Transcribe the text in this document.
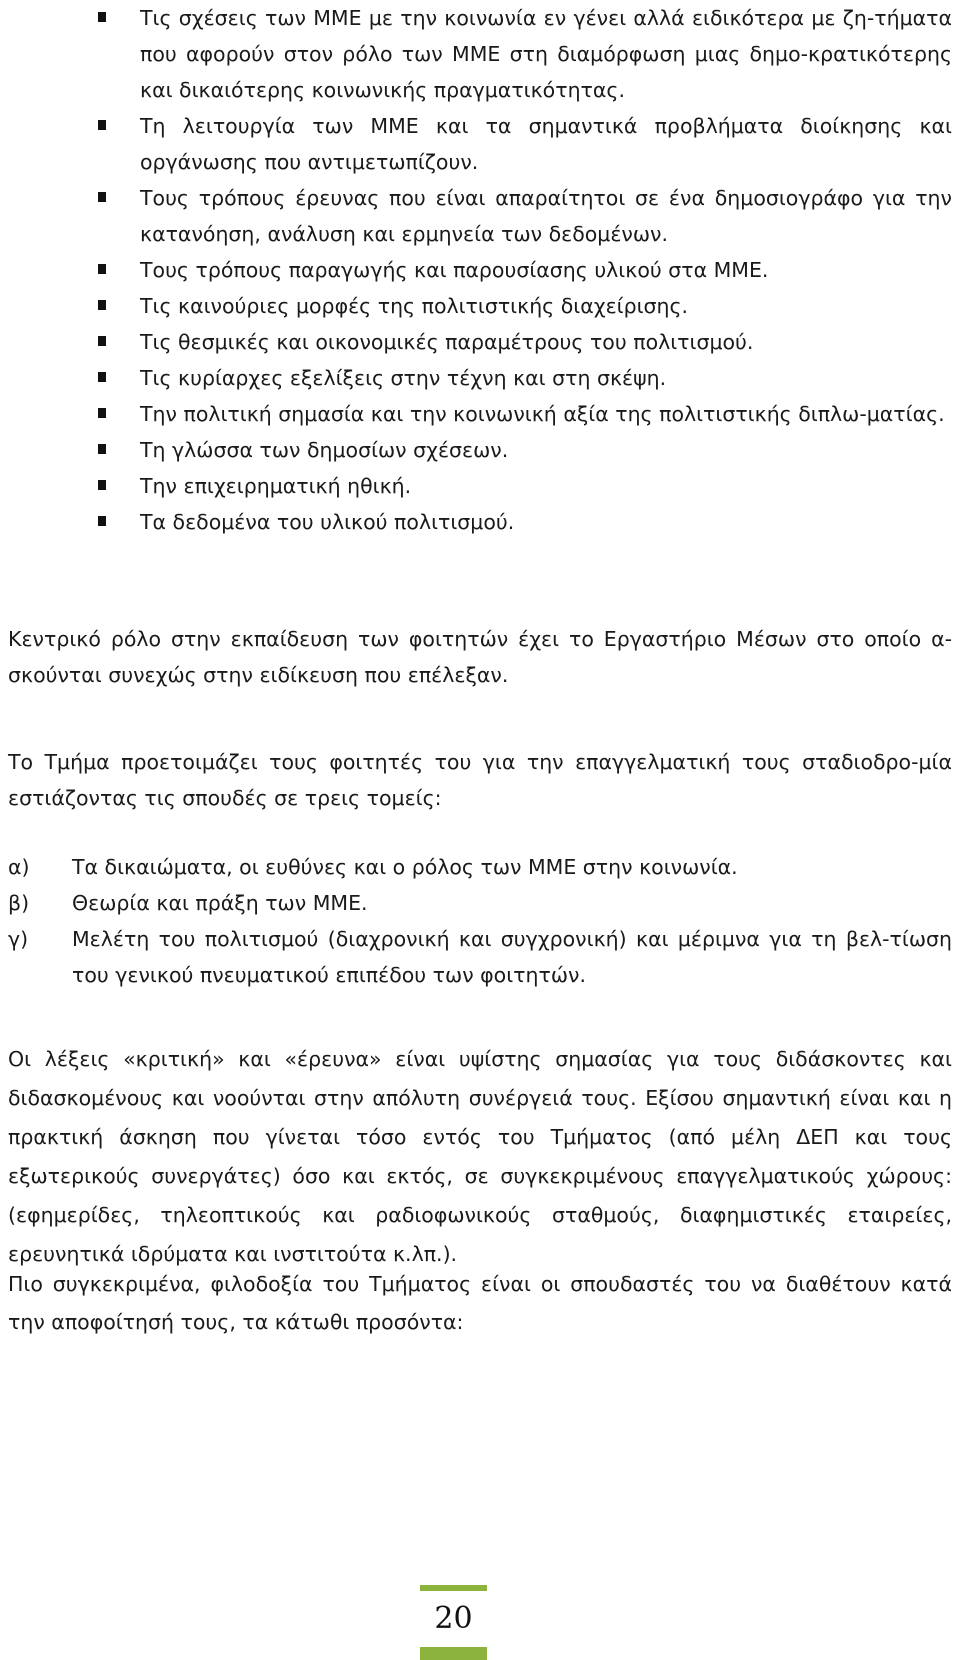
Τις σχέσεις των ΜΜΕ με την κοινωνία εν γένει αλλά ειδικότερα με ζη-τήματα που αφορούν στον ρόλο των ΜΜΕ στη διαμόρφωση μιας δημο-κρατικότερης και δικαιότερης κοινωνικής πραγματικότητας.
Τη λειτουργία των ΜΜΕ και τα σημαντικά προβλήματα διοίκησης και οργάνωσης που αντιμετωπίζουν.
Τους τρόπους έρευνας που είναι απαραίτητοι σε ένα δημοσιογράφο για την κατανόηση, ανάλυση και ερμηνεία των δεδομένων.
Τους τρόπους παραγωγής και παρουσίασης υλικού στα ΜΜΕ.
Τις καινούριες μορφές της πολιτιστικής διαχείρισης.
Τις θεσμικές και οικονομικές παραμέτρους του πολιτισμού.
Τις κυρίαρχες εξελίξεις στην τέχνη και στη σκέψη.
Την πολιτική σημασία και την κοινωνική αξία της πολιτιστικής διπλω-ματίας.
Τη γλώσσα των δημοσίων σχέσεων.
Την επιχειρηματική ηθική.
Τα δεδομένα του υλικού πολιτισμού.

Κεντρικό ρόλο στην εκπαίδευση των φοιτητών έχει το Εργαστήριο Μέσων στο οποίο α-σκούνται συνεχώς στην ειδίκευση που επέλεξαν.

Το Τμήμα προετοιμάζει τους φοιτητές του για την επαγγελματική τους σταδιοδρο-μία εστιάζοντας τις σπουδές σε τρεις τομείς:

α) Τα δικαιώματα, οι ευθύνες και ο ρόλος των ΜΜΕ στην κοινωνία.
β) Θεωρία και πράξη των ΜΜΕ.
γ) Μελέτη του πολιτισμού (διαχρονική και συγχρονική) και μέριμνα για τη βελ-τίωση του γενικού πνευματικού επιπέδου των φοιτητών.

Οι λέξεις «κριτική» και «έρευνα» είναι υψίστης σημασίας για τους διδάσκοντες και διδασκομένους και νοούνται στην απόλυτη συνέργειά τους. Εξίσου σημαντική είναι και η πρακτική άσκηση που γίνεται τόσο εντός του Τμήματος (από μέλη ΔΕΠ και τους εξωτερικούς συνεργάτες) όσο και εκτός, σε συγκεκριμένους επαγγελματικούς χώρους: (εφημερίδες, τηλεοπτικούς και ραδιοφωνικούς σταθμούς, διαφημιστικές εταιρείες, ερευνητικά ιδρύματα και ινστιτούτα κ.λπ.).

Πιο συγκεκριμένα, φιλοδοξία του Τμήματος είναι οι σπουδαστές του να διαθέτουν κατά την αποφοίτησή τους, τα κάτωθι προσόντα:

20
